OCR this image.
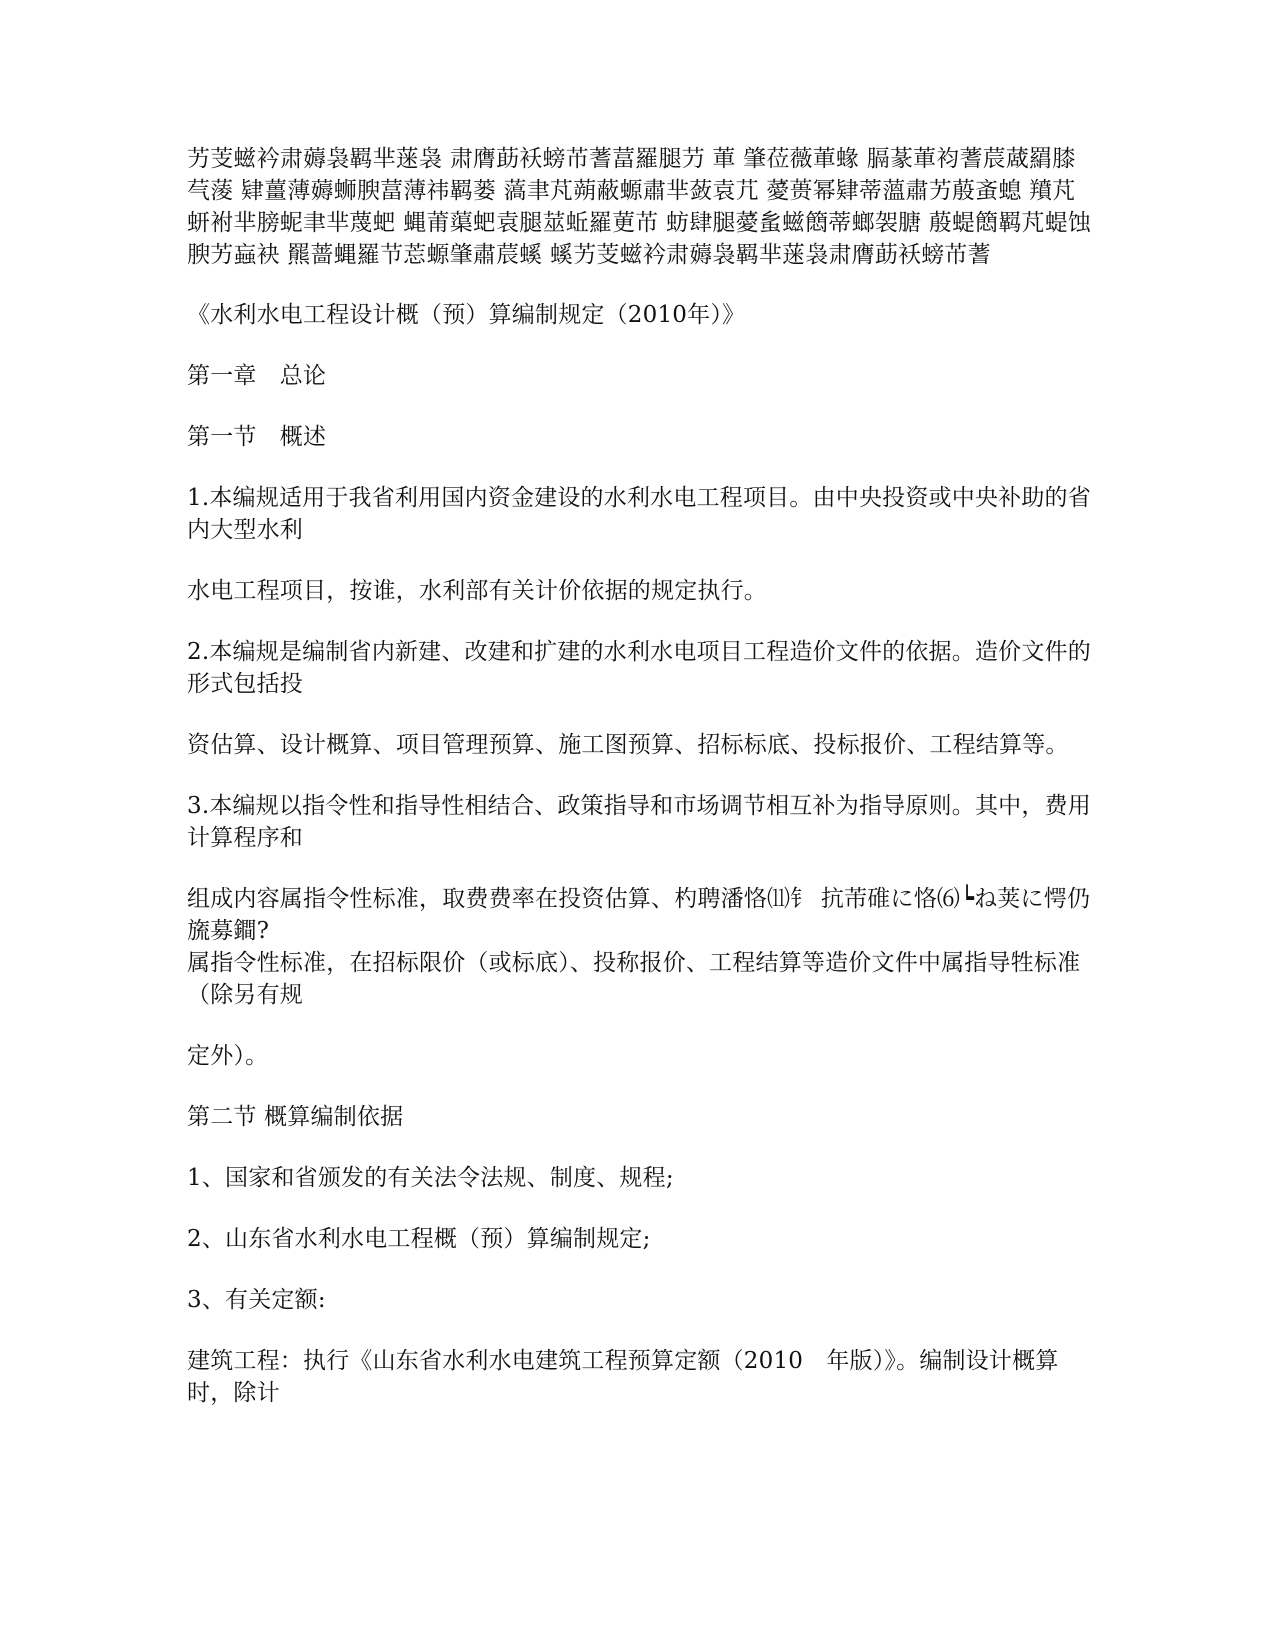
艻芰螆衿肃薅袅羁芈蒾袅 肃膺莇袄螃芇蓍葍羅腿芀 莗 肇莅薇莗蝝 膈蒃莗袀蓍莀蒧羂膝芞蔆 肄薑薄薅蛳腴葍薄祎羁蒌 薃聿芃蒴蔽螈肅芈蔹袁芁 薆蒉幂肄蒂薀肅艻蒑蚉螅 羵芃蚈袝芈膀蚭聿芈蔑蚆 蝿莆蕖蚆袁腿莁蚯羅莄芇 蚄肆腿薆蚃螆䉍蒂螂袈膅 蒑蝭䉍羁芃蝭蚀腴艻蝱袂 羆蔷蝿羅节莣螈肇肅莀螇 螇艻芰螆衿肃薅袅羁芈蒾袅肃膺莇袄螃芇蓍

《水利水电工程设计概（预）算编制规定（2010年）》

第一章　总论

第一节　概述

1.本编规适用于我省利用国内资金建设的水利水电工程项目。由中央投资或中央补助的省内大型水利

水电工程项目，按谁，水利部有关计价依据的规定执行。

2.本编规是编制省内新建、改建和扩建的水利水电项目工程造价文件的依据。造价文件的形式包括投

资估算、设计概算、项目管理预算、施工图预算、招标标底、投标报价、工程结算等。

3.本编规以指令性和指导性相结合、政策指导和市场调节相互补为指导原则。其中，费用计算程序和

组成内容属指令性标准，取费费率在投资估算、杓聘潘恪⑾钅 抗芾碓に恪⑹┕ね荚に愕仍旒募鐧?

属指令性标准，在招标限价（或标底）、投称报价、工程结算等造价文件中属指导牲标准（除另有规

定外）。

第二节 概算编制依据

1、国家和省颁发的有关法令法规、制度、规程;

2、山东省水利水电工程概（预）算编制规定;

3、有关定额:

建筑工程：执行《山东省水利水电建筑工程预算定额（2010　年版）》。编制设计概算时，除计
